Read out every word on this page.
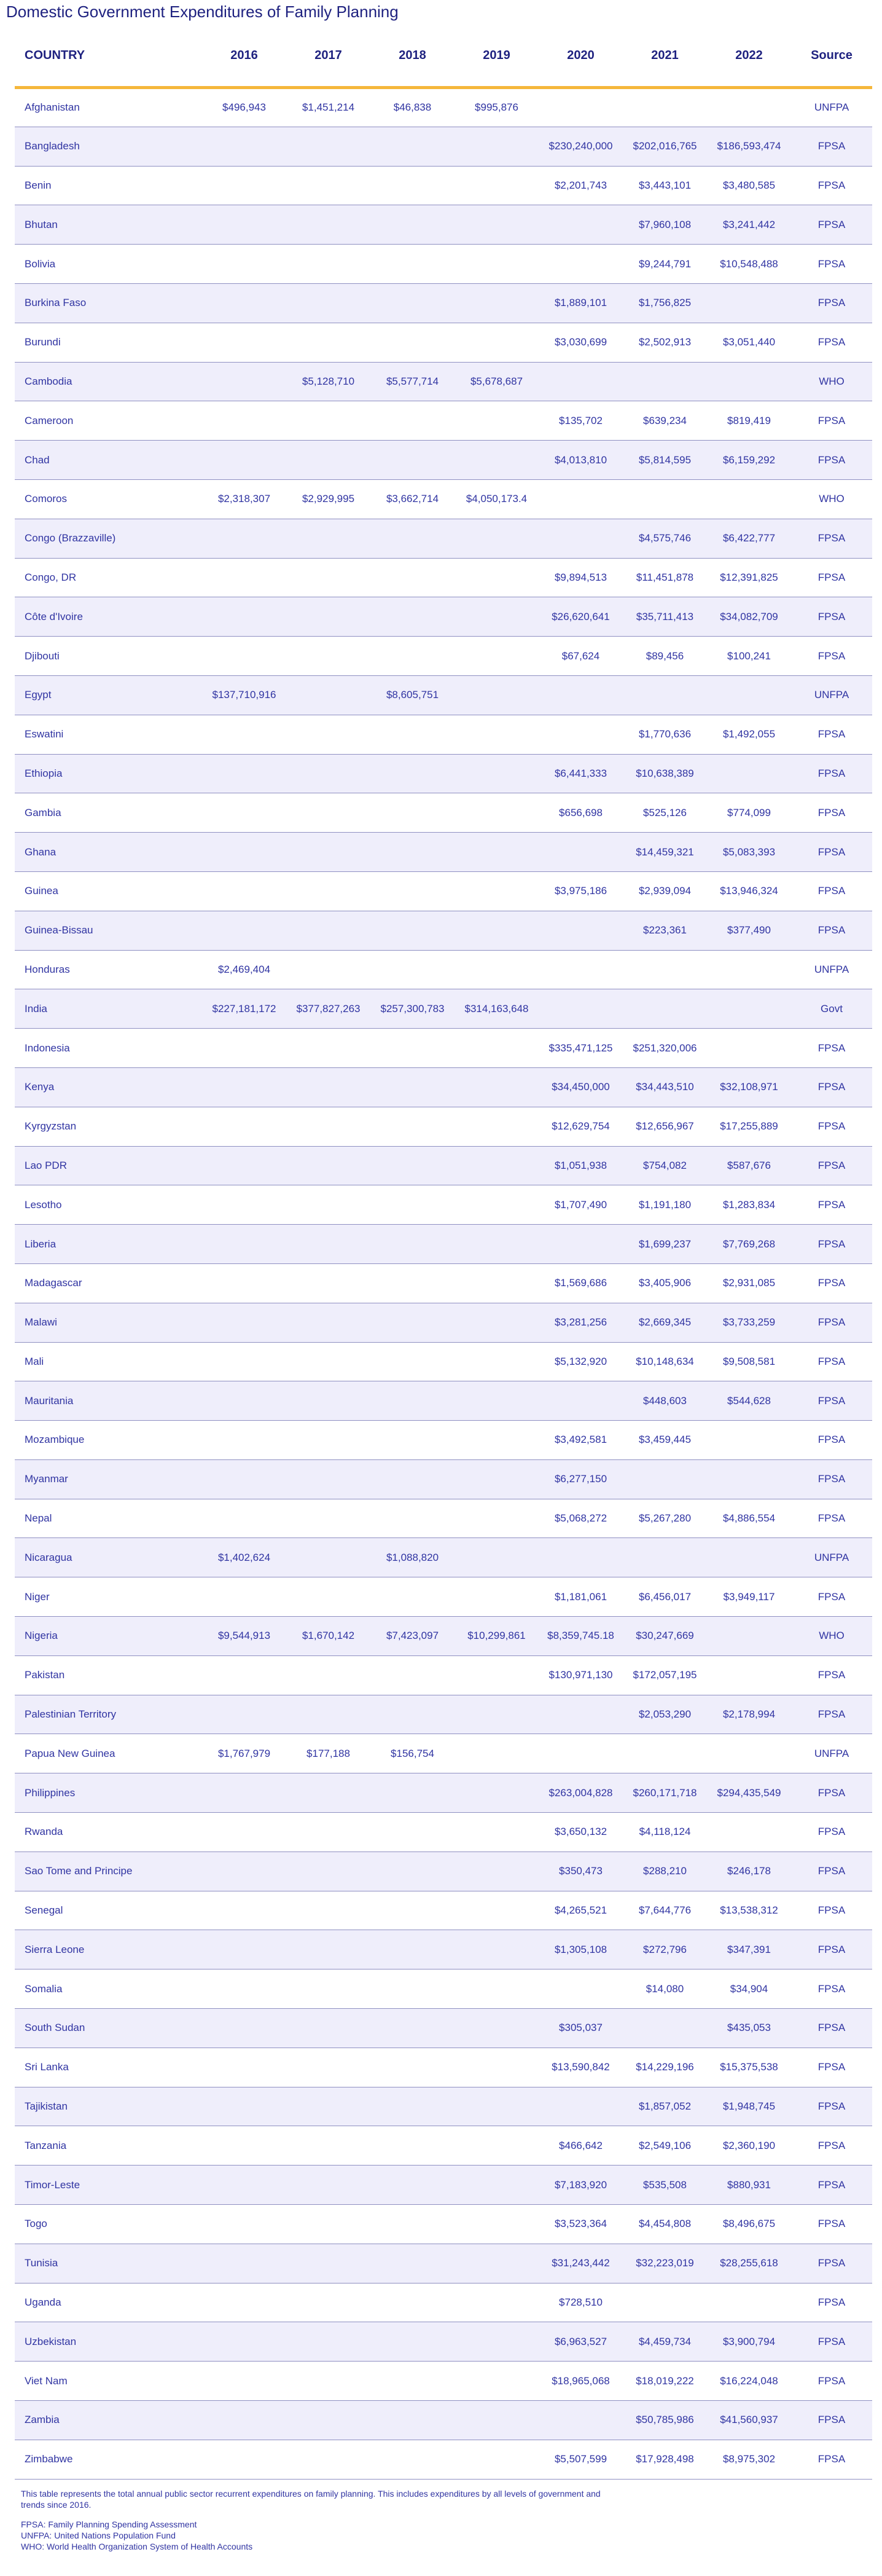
Domestic Government Expenditures of Family Planning
COUNTRY	2016	2017	2018	2019	2020	2021	2022	Source
Afghanistan	$496,943	$1,451,214	$46,838	$995,876				UNFPA
Bangladesh					$230,240,000	$202,016,765	$186,593,474	FPSA
Benin					$2,201,743	$3,443,101	$3,480,585	FPSA
Bhutan						$7,960,108	$3,241,442	FPSA
Bolivia						$9,244,791	$10,548,488	FPSA
Burkina Faso					$1,889,101	$1,756,825		FPSA
Burundi					$3,030,699	$2,502,913	$3,051,440	FPSA
Cambodia		$5,128,710	$5,577,714	$5,678,687				WHO
Cameroon					$135,702	$639,234	$819,419	FPSA
Chad					$4,013,810	$5,814,595	$6,159,292	FPSA
Comoros	$2,318,307	$2,929,995	$3,662,714	$4,050,173.4				WHO
Congo (Brazzaville)						$4,575,746	$6,422,777	FPSA
Congo, DR					$9,894,513	$11,451,878	$12,391,825	FPSA
Côte d'Ivoire					$26,620,641	$35,711,413	$34,082,709	FPSA
Djibouti					$67,624	$89,456	$100,241	FPSA
Egypt	$137,710,916		$8,605,751					UNFPA
Eswatini						$1,770,636	$1,492,055	FPSA
Ethiopia					$6,441,333	$10,638,389		FPSA
Gambia					$656,698	$525,126	$774,099	FPSA
Ghana						$14,459,321	$5,083,393	FPSA
Guinea					$3,975,186	$2,939,094	$13,946,324	FPSA
Guinea-Bissau						$223,361	$377,490	FPSA
Honduras	$2,469,404							UNFPA
India	$227,181,172	$377,827,263	$257,300,783	$314,163,648				Govt
Indonesia					$335,471,125	$251,320,006		FPSA
Kenya					$34,450,000	$34,443,510	$32,108,971	FPSA
Kyrgyzstan					$12,629,754	$12,656,967	$17,255,889	FPSA
Lao PDR					$1,051,938	$754,082	$587,676	FPSA
Lesotho					$1,707,490	$1,191,180	$1,283,834	FPSA
Liberia						$1,699,237	$7,769,268	FPSA
Madagascar					$1,569,686	$3,405,906	$2,931,085	FPSA
Malawi					$3,281,256	$2,669,345	$3,733,259	FPSA
Mali					$5,132,920	$10,148,634	$9,508,581	FPSA
Mauritania						$448,603	$544,628	FPSA
Mozambique					$3,492,581	$3,459,445		FPSA
Myanmar					$6,277,150			FPSA
Nepal					$5,068,272	$5,267,280	$4,886,554	FPSA
Nicaragua	$1,402,624		$1,088,820					UNFPA
Niger					$1,181,061	$6,456,017	$3,949,117	FPSA
Nigeria	$9,544,913	$1,670,142	$7,423,097	$10,299,861	$8,359,745.18	$30,247,669		WHO
Pakistan					$130,971,130	$172,057,195		FPSA
Palestinian Territory						$2,053,290	$2,178,994	FPSA
Papua New Guinea	$1,767,979	$177,188	$156,754					UNFPA
Philippines					$263,004,828	$260,171,718	$294,435,549	FPSA
Rwanda					$3,650,132	$4,118,124		FPSA
Sao Tome and Principe					$350,473	$288,210	$246,178	FPSA
Senegal					$4,265,521	$7,644,776	$13,538,312	FPSA
Sierra Leone					$1,305,108	$272,796	$347,391	FPSA
Somalia						$14,080	$34,904	FPSA
South Sudan					$305,037		$435,053	FPSA
Sri Lanka					$13,590,842	$14,229,196	$15,375,538	FPSA
Tajikistan						$1,857,052	$1,948,745	FPSA
Tanzania					$466,642	$2,549,106	$2,360,190	FPSA
Timor-Leste					$7,183,920	$535,508	$880,931	FPSA
Togo					$3,523,364	$4,454,808	$8,496,675	FPSA
Tunisia					$31,243,442	$32,223,019	$28,255,618	FPSA
Uganda					$728,510			FPSA
Uzbekistan					$6,963,527	$4,459,734	$3,900,794	FPSA
Viet Nam					$18,965,068	$18,019,222	$16,224,048	FPSA
Zambia						$50,785,986	$41,560,937	FPSA
Zimbabwe					$5,507,599	$17,928,498	$8,975,302	FPSA

This table represents the total annual public sector recurrent expenditures on family planning. This includes expenditures by all levels of government and trends since 2016.

FPSA: Family Planning Spending Assessment

UNFPA: United Nations Population Fund

WHO: World Health Organization System of Health Accounts
